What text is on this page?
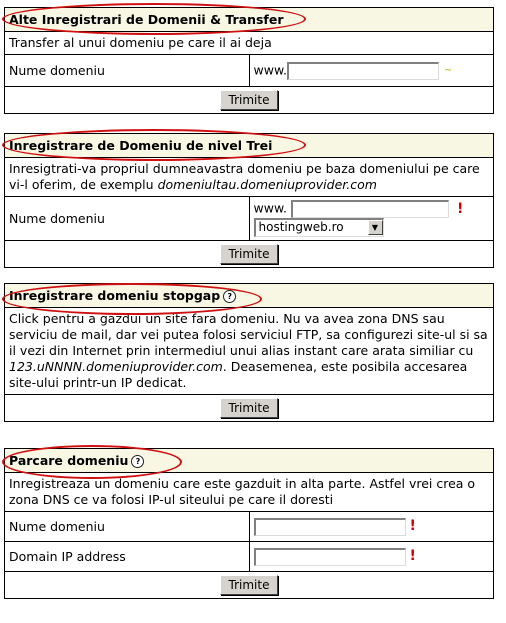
Alte Inregistrari de Domenii & Transfer
Transfer al unui domeniu pe care il ai deja
Nume domeniu	www.	~
Trimite
Inregistrare de Domeniu de nivel Trei
Inresigtrati-va propriul dumneavastra domeniu pe baza domeniului pe care vi-l oferim, de exemplu domeniultau.domeniuprovider.com
Nume domeniu	www.	! hostingweb.ro	▼

Trimite
Inregistrare domeniu stopgap ?
Click pentru a gazdui un site fara domeniu. Nu va avea zona DNS sau serviciu de mail, dar vei putea folosi serviciul FTP, sa configurezi site-ul si sa il vezi din Internet prin intermediul unui alias instant care arata similiar cu 123.uNNNN.domeniuprovider.com. Deasemenea, este posibila accesarea site-ului printr-un IP dedicat.
Trimite
Parcare domeniu ?	
Inregistreaza un domeniu care este gazduit in alta parte. Astfel vrei crea o zona DNS ce va folosi IP-ul siteului pe care il doresti	
Nume domeniu	!
Domain IP address	!
Trimite	
